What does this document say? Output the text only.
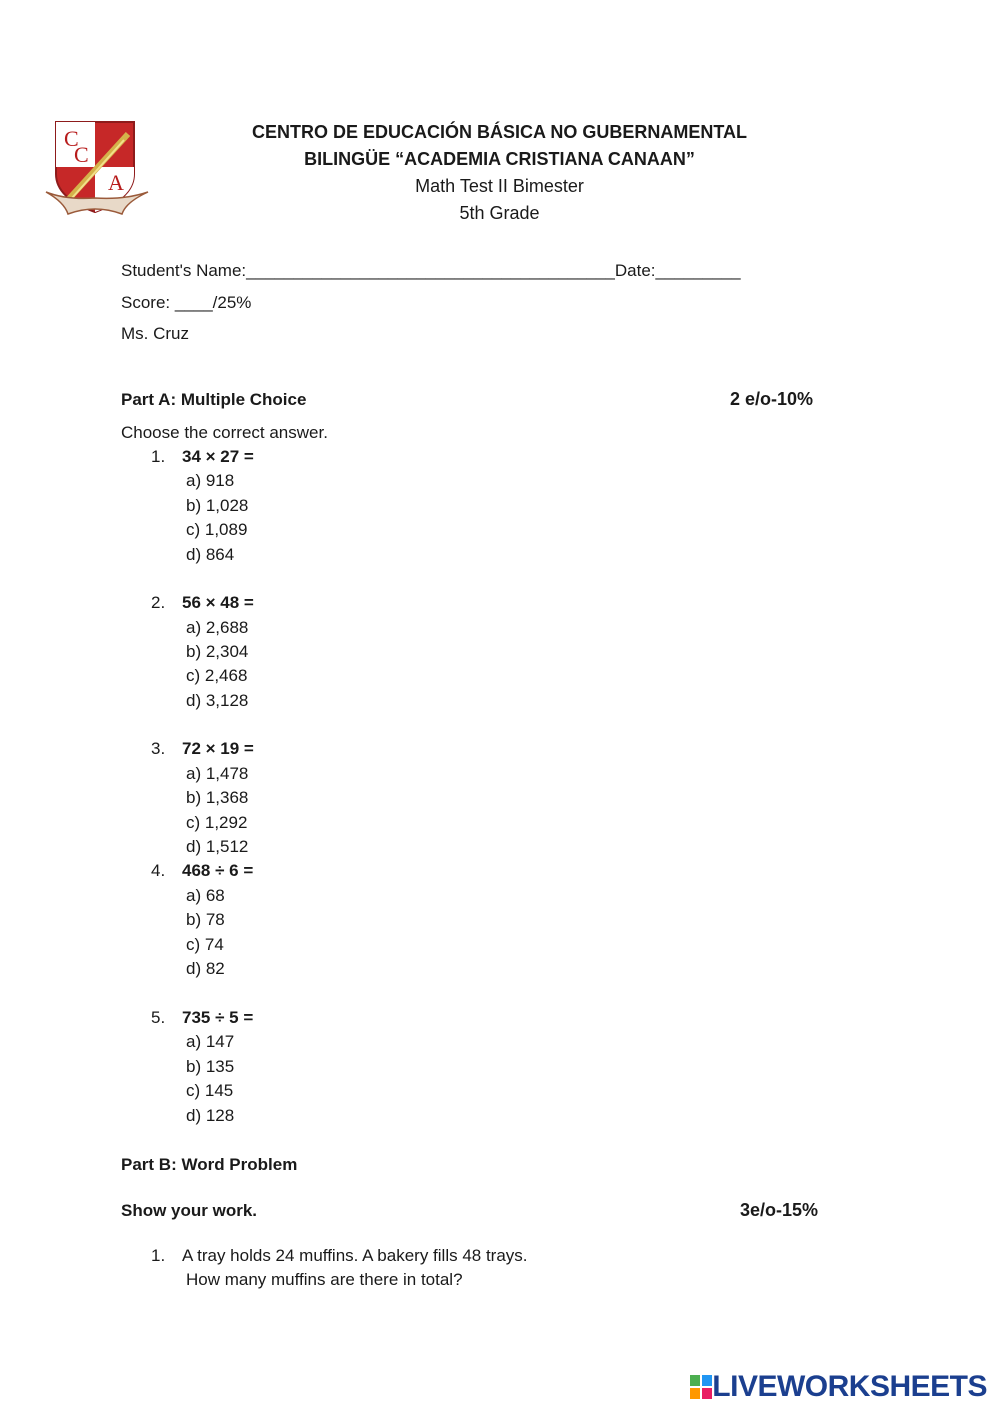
C
C
A
CENTRO DE EDUCACIÓN BÁSICA NO GUBERNAMENTAL
BILINGÜE “ACADEMIA CRISTIANA CANAAN”
Math Test II Bimester
5th Grade
Student's Name:_______________________________________Date:_________
Score: ____/25%
Ms. Cruz
Part A: Multiple Choice	2 e/o-10%
Choose the correct answer.
1. 34 × 27 =
a) 918
b) 1,028
c) 1,089
d) 864
2. 56 × 48 =
a) 2,688
b) 2,304
c) 2,468
d) 3,128
3. 72 × 19 =
a) 1,478
b) 1,368
c) 1,292
d) 1,512
4. 468 ÷ 6 =
a) 68
b) 78
c) 74
d) 82
5. 735 ÷ 5 =
a) 147
b) 135
c) 145
d) 128
Part B: Word Problem
Show your work.	3e/o-15%
1. A tray holds 24 muffins. A bakery fills 48 trays.
How many muffins are there in total?
LIVEWORKSHEETS
